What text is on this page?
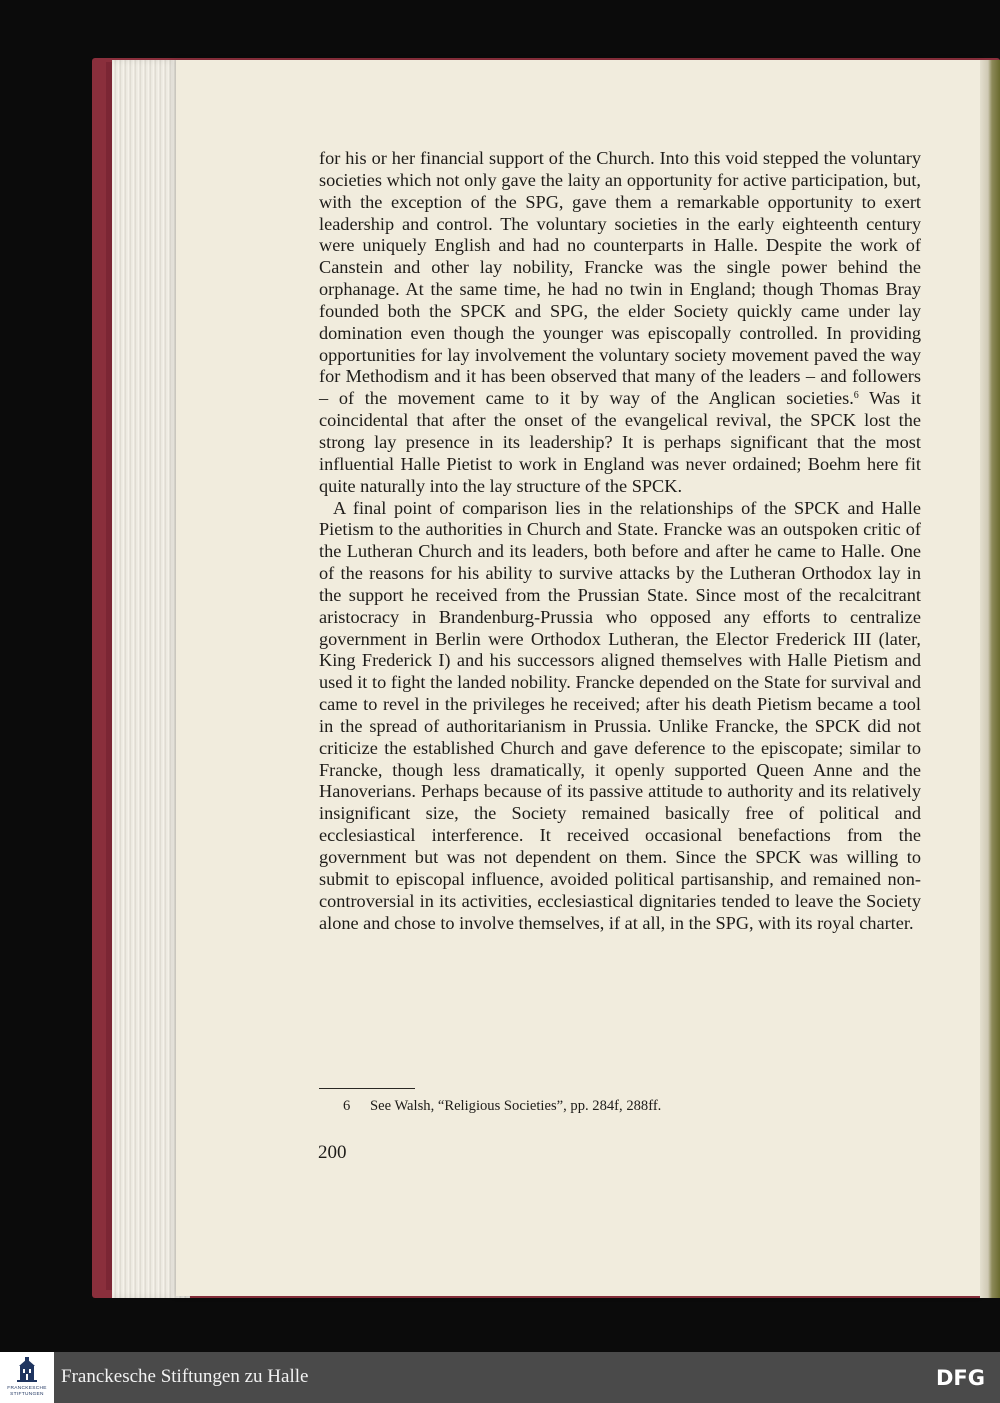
for his or her financial support of the Church. Into this void stepped the voluntary societies which not only gave the laity an opportunity for active participation, but, with the exception of the SPG, gave them a remarkable opportunity to exert leadership and control. The voluntary societies in the early eighteenth century were uniquely English and had no counterparts in Halle. Despite the work of Canstein and other lay nobility, Francke was the single power behind the orphanage. At the same time, he had no twin in England; though Thomas Bray founded both the SPCK and SPG, the elder Society quickly came under lay domination even though the younger was episcopally controlled. In providing opportunities for lay involvement the voluntary society movement paved the way for Methodism and it has been observed that many of the leaders – and followers – of the movement came to it by way of the Anglican societies.$^6$ Was it coincidental that after the onset of the evangelical revival, the SPCK lost the strong lay presence in its leadership? It is perhaps significant that the most influential Halle Pietist to work in England was never ordained; Boehm here fit quite naturally into the lay structure of the SPCK.

A final point of comparison lies in the relationships of the SPCK and Halle Pietism to the authorities in Church and State. Francke was an outspoken critic of the Lutheran Church and its leaders, both before and after he came to Halle. One of the reasons for his ability to survive attacks by the Lutheran Orthodox lay in the support he received from the Prussian State. Since most of the recalcitrant aristocracy in Brandenburg-Prussia who opposed any efforts to centralize government in Berlin were Orthodox Lutheran, the Elector Frederick III (later, King Frederick I) and his successors aligned themselves with Halle Pietism and used it to fight the landed nobility. Francke depended on the State for survival and came to revel in the privileges he received; after his death Pietism became a tool in the spread of authoritarianism in Prussia. Unlike Francke, the SPCK did not criticize the established Church and gave deference to the episcopate; similar to Francke, though less dramatically, it openly supported Queen Anne and the Hanoverians. Perhaps because of its passive attitude to authority and its relatively insignificant size, the Society remained basically free of political and ecclesiastical interference. It received occasional benefactions from the government but was not dependent on them. Since the SPCK was willing to submit to episcopal influence, avoided political partisanship, and remained non-controversial in its activities, ecclesiastical dignitaries tended to leave the Society alone and chose to involve themselves, if at all, in the SPG, with its royal charter.

6 See Walsh, “Religious Societies”, pp. 284f, 288ff.
200
FRANCKESCHE
STIFTUNGEN
Franckesche Stiftungen zu Halle	DFG
